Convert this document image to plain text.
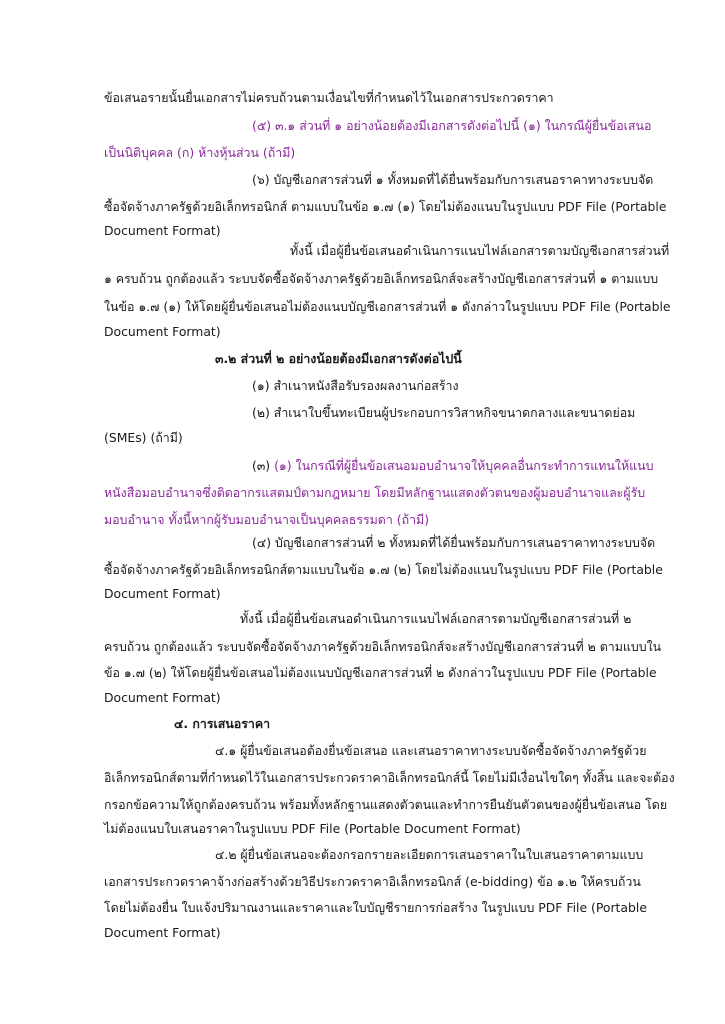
ข้อเสนอรายนั้นยื่นเอกสารไม่ครบถ้วนตามเงื่อนไขที่กำหนดไว้ในเอกสารประกวดราคา
(๕) ๓.๑ ส่วนที่ ๑ อย่างน้อยต้องมีเอกสารดังต่อไปนี้ (๑) ในกรณีผู้ยื่นข้อเสนอ
เป็นนิติบุคคล (ก) ห้างหุ้นส่วน (ถ้ามี)
(๖) บัญชีเอกสารส่วนที่ ๑ ทั้งหมดที่ได้ยื่นพร้อมกับการเสนอราคาทางระบบจัด
ซื้อจัดจ้างภาครัฐด้วยอิเล็กทรอนิกส์ ตามแบบในข้อ ๑.๗ (๑) โดยไม่ต้องแนบในรูปแบบ PDF File (Portable
Document Format)
ทั้งนี้ เมื่อผู้ยื่นข้อเสนอดำเนินการแนบไฟล์เอกสารตามบัญชีเอกสารส่วนที่
๑ ครบถ้วน ถูกต้องแล้ว ระบบจัดซื้อจัดจ้างภาครัฐด้วยอิเล็กทรอนิกส์จะสร้างบัญชีเอกสารส่วนที่ ๑ ตามแบบ
ในข้อ ๑.๗ (๑) ให้โดยผู้ยื่นข้อเสนอไม่ต้องแนบบัญชีเอกสารส่วนที่ ๑ ดังกล่าวในรูปแบบ PDF File (Portable
Document Format)
๓.๒ ส่วนที่ ๒ อย่างน้อยต้องมีเอกสารดังต่อไปนี้
(๑) สำเนาหนังสือรับรองผลงานก่อสร้าง
(๒) สำเนาใบขึ้นทะเบียนผู้ประกอบการวิสาหกิจขนาดกลางและขนาดย่อม
(SMEs) (ถ้ามี)
(๓) (๑) ในกรณีที่ผู้ยื่นข้อเสนอมอบอำนาจให้บุคคลอื่นกระทำการแทนให้แนบ
หนังสือมอบอำนาจซึ่งติดอากรแสตมป์ตามกฎหมาย โดยมีหลักฐานแสดงตัวตนของผู้มอบอำนาจและผู้รับ
มอบอำนาจ ทั้งนี้หากผู้รับมอบอำนาจเป็นบุคคลธรรมดา (ถ้ามี)
(๔) บัญชีเอกสารส่วนที่ ๒ ทั้งหมดที่ได้ยื่นพร้อมกับการเสนอราคาทางระบบจัด
ซื้อจัดจ้างภาครัฐด้วยอิเล็กทรอนิกส์ตามแบบในข้อ ๑.๗ (๒) โดยไม่ต้องแนบในรูปแบบ PDF File (Portable
Document Format)
ทั้งนี้ เมื่อผู้ยื่นข้อเสนอดำเนินการแนบไฟล์เอกสารตามบัญชีเอกสารส่วนที่ ๒
ครบถ้วน ถูกต้องแล้ว ระบบจัดซื้อจัดจ้างภาครัฐด้วยอิเล็กทรอนิกส์จะสร้างบัญชีเอกสารส่วนที่ ๒ ตามแบบใน
ข้อ ๑.๗ (๒) ให้โดยผู้ยื่นข้อเสนอไม่ต้องแนบบัญชีเอกสารส่วนที่ ๒ ดังกล่าวในรูปแบบ PDF File (Portable
Document Format)
๔. การเสนอราคา
๔.๑ ผู้ยื่นข้อเสนอต้องยื่นข้อเสนอ และเสนอราคาทางระบบจัดซื้อจัดจ้างภาครัฐด้วย
อิเล็กทรอนิกส์ตามที่กำหนดไว้ในเอกสารประกวดราคาอิเล็กทรอนิกส์นี้ โดยไม่มีเงื่อนไขใดๆ ทั้งสิ้น และจะต้อง
กรอกข้อความให้ถูกต้องครบถ้วน พร้อมทั้งหลักฐานแสดงตัวตนและทำการยืนยันตัวตนของผู้ยื่นข้อเสนอ โดย
ไม่ต้องแนบใบเสนอราคาในรูปแบบ PDF File (Portable Document Format)
๔.๒ ผู้ยื่นข้อเสนอจะต้องกรอกรายละเอียดการเสนอราคาในใบเสนอราคาตามแบบ
เอกสารประกวดราคาจ้างก่อสร้างด้วยวิธีประกวดราคาอิเล็กทรอนิกส์ (e-bidding) ข้อ ๑.๒ ให้ครบถ้วน
โดยไม่ต้องยื่น ใบแจ้งปริมาณงานและราคาและใบบัญชีรายการก่อสร้าง ในรูปแบบ PDF File (Portable
Document Format)
